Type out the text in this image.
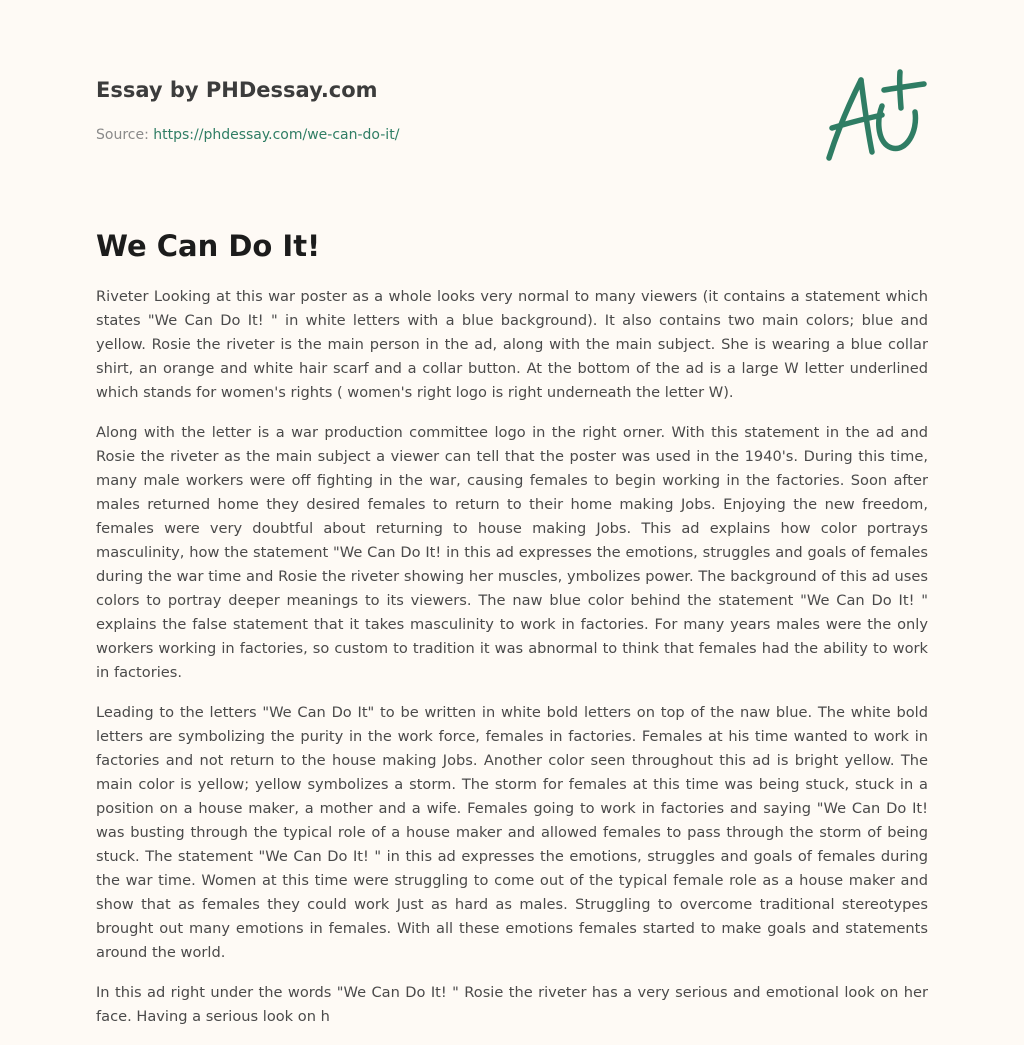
Essay by PHDessay.com
Source: https://phdessay.com/we-can-do-it/
We Can Do It!

Riveter Looking at this war poster as a whole looks very normal to many viewers (it contains a statement which states "We Can Do It! " in white letters with a blue background). It also contains two main colors; blue and yellow. Rosie the riveter is the main person in the ad, along with the main subject. She is wearing a blue collar shirt, an orange and white hair scarf and a collar button. At the bottom of the ad is a large W letter underlined which stands for women's rights ( women's right logo is right underneath the letter W).

Along with the letter is a war production committee logo in the right orner. With this statement in the ad and Rosie the riveter as the main subject a viewer can tell that the poster was used in the 1940's. During this time, many male workers were off fighting in the war, causing females to begin working in the factories. Soon after males returned home they desired females to return to their home making Jobs. Enjoying the new freedom, females were very doubtful about returning to house making Jobs. This ad explains how color portrays masculinity, how the statement "We Can Do It! in this ad expresses the emotions, struggles and goals of females during the war time and Rosie the riveter showing her muscles, ymbolizes power. The background of this ad uses colors to portray deeper meanings to its viewers. The naw blue color behind the statement "We Can Do It! " explains the false statement that it takes masculinity to work in factories. For many years males were the only workers working in factories, so custom to tradition it was abnormal to think that females had the ability to work in factories.

Leading to the letters "We Can Do It" to be written in white bold letters on top of the naw blue. The white bold letters are symbolizing the purity in the work force, females in factories. Females at his time wanted to work in factories and not return to the house making Jobs. Another color seen throughout this ad is bright yellow. The main color is yellow; yellow symbolizes a storm. The storm for females at this time was being stuck, stuck in a position on a house maker, a mother and a wife. Females going to work in factories and saying "We Can Do It! was busting through the typical role of a house maker and allowed females to pass through the storm of being stuck. The statement "We Can Do It! " in this ad expresses the emotions, struggles and goals of females during the war time. Women at this time were struggling to come out of the typical female role as a house maker and show that as females they could work Just as hard as males. Struggling to overcome traditional stereotypes brought out many emotions in females. With all these emotions females started to make goals and statements around the world.

In this ad right under the words "We Can Do It! " Rosie the riveter has a very serious and emotional look on her face. Having a serious look on h
